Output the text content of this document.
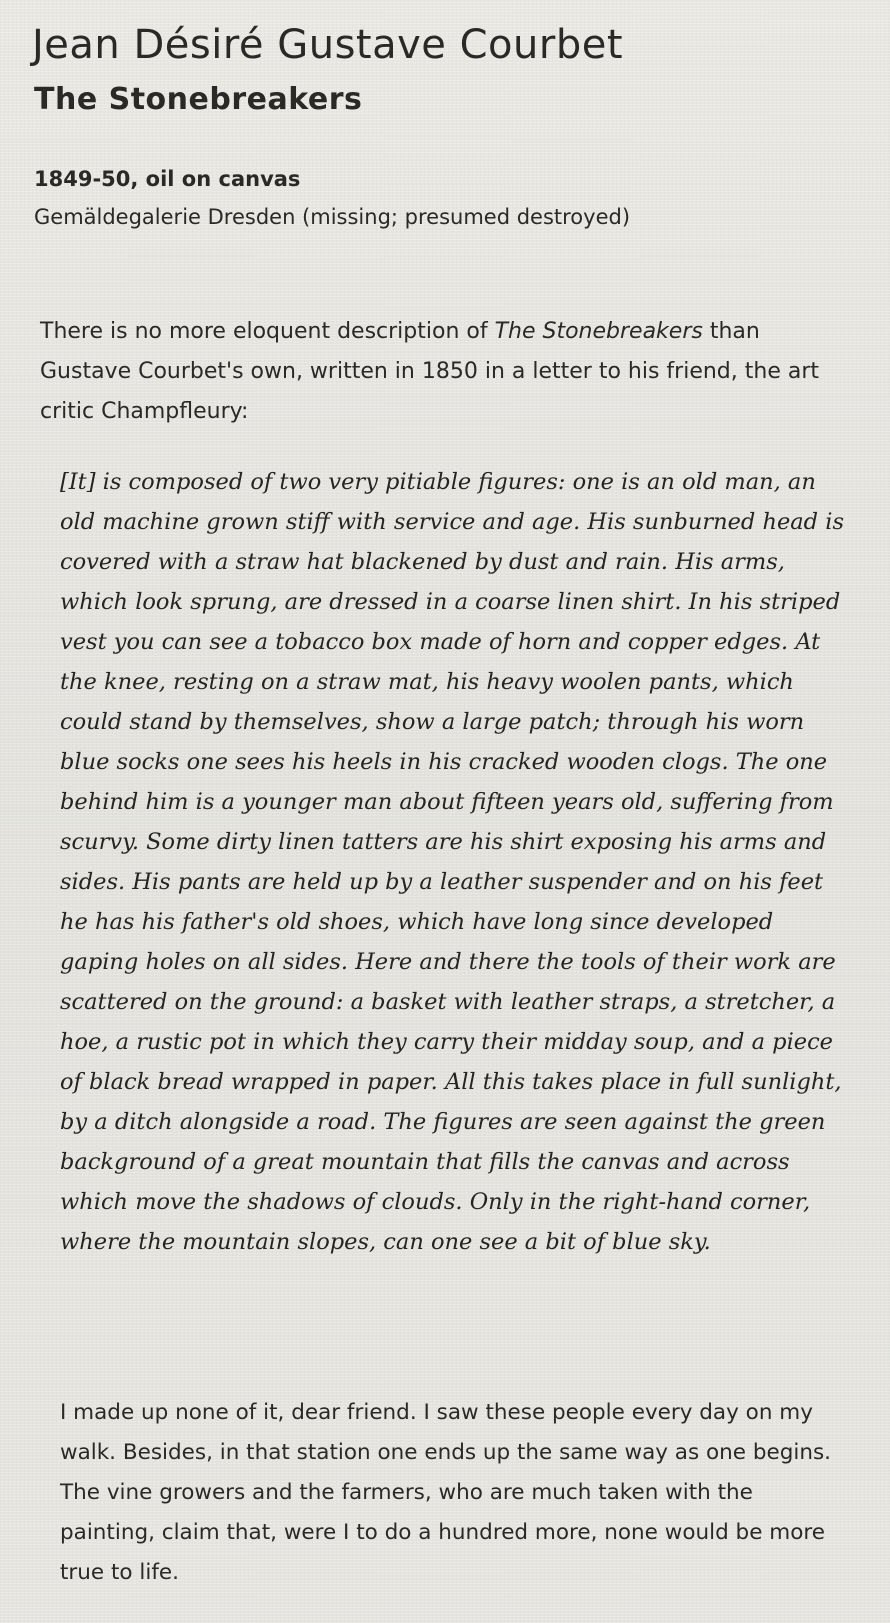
Jean Désiré Gustave Courbet
The Stonebreakers
1849-50, oil on canvas
Gemäldegalerie Dresden (missing; presumed destroyed)

There is no more eloquent description of The Stonebreakers than Gustave Courbet's own, written in 1850 in a letter to his friend, the art critic Champfleury:

[It] is composed of two very pitiable figures: one is an old man, an old machine grown stiff with service and age. His sunburned head is covered with a straw hat blackened by dust and rain. His arms, which look sprung, are dressed in a coarse linen shirt. In his striped vest you can see a tobacco box made of horn and copper edges. At the knee, resting on a straw mat, his heavy woolen pants, which could stand by themselves, show a large patch; through his worn blue socks one sees his heels in his cracked wooden clogs. The one behind him is a younger man about fifteen years old, suffering from scurvy. Some dirty linen tatters are his shirt exposing his arms and sides. His pants are held up by a leather suspender and on his feet he has his father's old shoes, which have long since developed gaping holes on all sides. Here and there the tools of their work are scattered on the ground: a basket with leather straps, a stretcher, a hoe, a rustic pot in which they carry their midday soup, and a piece of black bread wrapped in paper. All this takes place in full sunlight, by a ditch alongside a road. The figures are seen against the green background of a great mountain that fills the canvas and across which move the shadows of clouds. Only in the right-hand corner, where the mountain slopes, can one see a bit of blue sky.

I made up none of it, dear friend. I saw these people every day on my walk. Besides, in that station one ends up the same way as one begins. The vine growers and the farmers, who are much taken with the painting, claim that, were I to do a hundred more, none would be more true to life.
